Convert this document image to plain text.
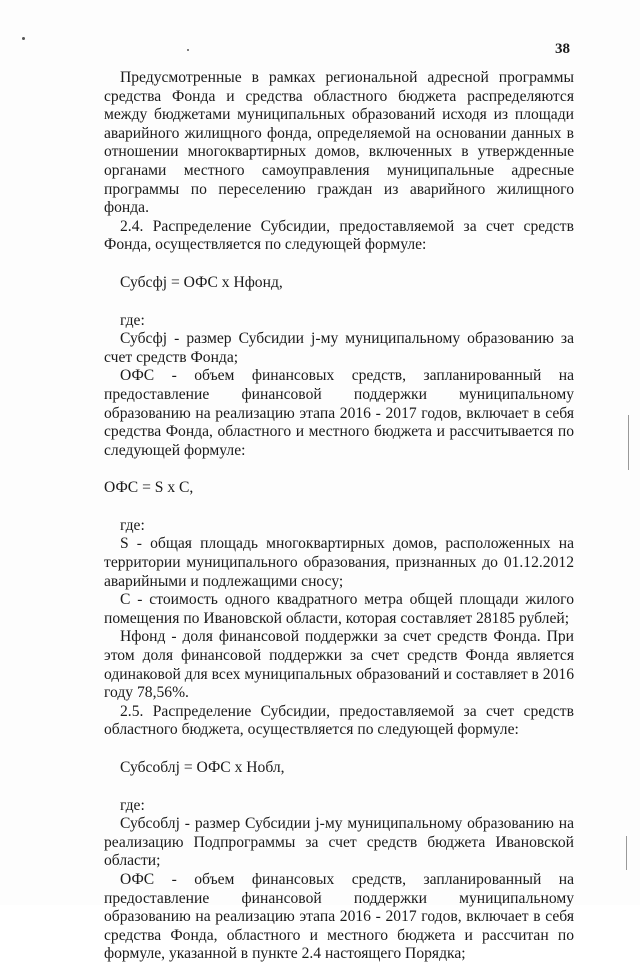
38

Предусмотренные в рамках региональной адресной программы средства Фонда и средства областного бюджета распределяются между бюджетами муниципальных образований исходя из площади аварийного жилищного фонда, определяемой на основании данных в отношении многоквартирных домов, включенных в утвержденные органами местного самоуправления муниципальные адресные программы по переселению граждан из аварийного жилищного фонда.

2.4. Распределение Субсидии, предоставляемой за счет средств Фонда, осуществляется по следующей формуле:

Субсфj = ОФС х Нфонд,

где:

Субсфj - размер Субсидии j-му муниципальному образованию за счет средств Фонда;

ОФС - объем финансовых средств, запланированный на предоставление финансовой поддержки муниципальному образованию на реализацию этапа 2016 - 2017 годов, включает в себя средства Фонда, областного и местного бюджета и рассчитывается по следующей формуле:

ОФС = S х С,

где:

S - общая площадь многоквартирных домов, расположенных на территории муниципального образования, признанных до 01.12.2012 аварийными и подлежащими сносу;

С - стоимость одного квадратного метра общей площади жилого помещения по Ивановской области, которая составляет 28185 рублей;

Нфонд - доля финансовой поддержки за счет средств Фонда. При этом доля финансовой поддержки за счет средств Фонда является одинаковой для всех муниципальных образований и составляет в 2016 году 78,56%.

2.5. Распределение Субсидии, предоставляемой за счет средств областного бюджета, осуществляется по следующей формуле:

Субсоблj = ОФС х Нобл,

где:

Субсоблj - размер Субсидии j-му муниципальному образованию на реализацию Подпрограммы за счет средств бюджета Ивановской области;

ОФС - объем финансовых средств, запланированный на предоставление финансовой поддержки муниципальному образованию на реализацию этапа 2016 - 2017 годов, включает в себя средства Фонда, областного и местного бюджета и рассчитан по формуле, указанной в пункте 2.4 настоящего Порядка;
